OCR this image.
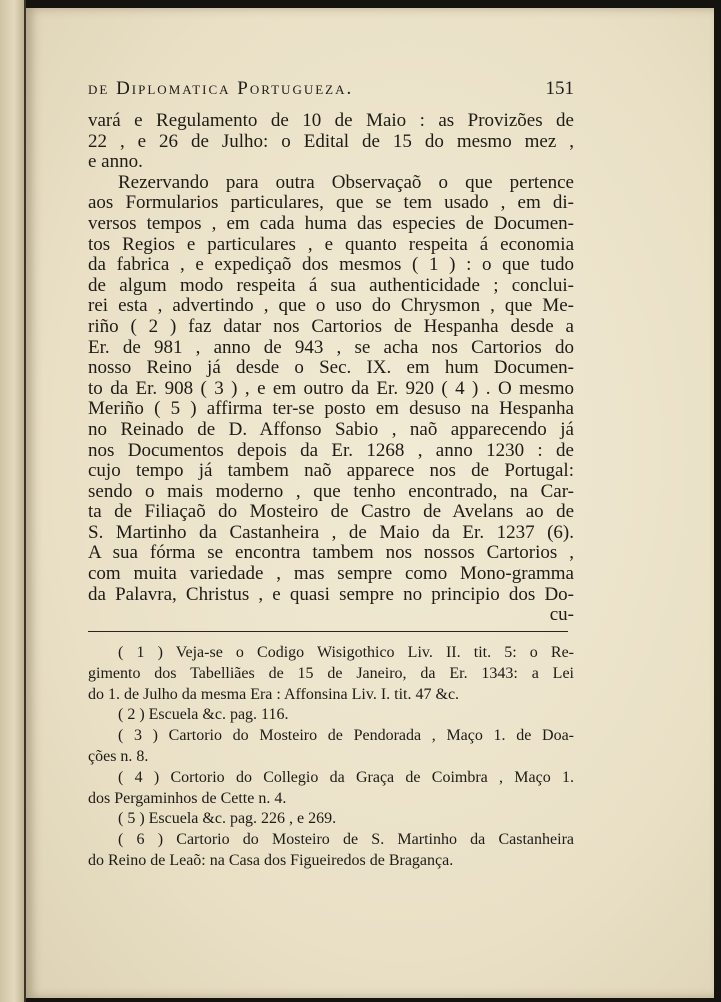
de Diplomatica Portugueza.	151
vará e Regulamento de 10 de Maio : as Provizões de
22 , e 26 de Julho: o Edital de 15 do mesmo mez ,
e anno.
Rezervando para outra Observaçaõ o que pertence
aos Formularios particulares, que se tem usado , em di-
versos tempos , em cada huma das especies de Documen-
tos Regios e particulares , e quanto respeita á economia
da fabrica , e expediçaõ dos mesmos ( 1 ) : o que tudo
de algum modo respeita á sua authenticidade ; conclui-
rei esta , advertindo , que o uso do Chrysmon , que Me-
riño ( 2 ) faz datar nos Cartorios de Hespanha desde a
Er. de 981 , anno de 943 , se acha nos Cartorios do
nosso Reino já desde o Sec. IX. em hum Documen-
to da Er. 908 ( 3 ) , e em outro da Er. 920 ( 4 ) . O mesmo
Meriño ( 5 ) affirma ter-se posto em desuso na Hespanha
no Reinado de D. Affonso Sabio , naõ apparecendo já
nos Documentos depois da Er. 1268 , anno 1230 : de
cujo tempo já tambem naõ apparece nos de Portugal:
sendo o mais moderno , que tenho encontrado, na Car-
ta de Filiaçaõ do Mosteiro de Castro de Avelans ao de
S. Martinho da Castanheira , de Maio da Er. 1237 (6).
A sua fórma se encontra tambem nos nossos Cartorios ,
com muita variedade , mas sempre como Mono-gramma
da Palavra, Christus , e quasi sempre no principio dos Do-
cu-
( 1 ) Veja-se o Codigo Wisigothico Liv. II. tit. 5: o Re-
gimento dos Tabelliães de 15 de Janeiro, da Er. 1343: a Lei
do 1. de Julho da mesma Era : Affonsina Liv. I. tit. 47 &c.
( 2 ) Escuela &c. pag. 116.
( 3 ) Cartorio do Mosteiro de Pendorada , Maço 1. de Doa-
ções n. 8.
( 4 ) Cortorio do Collegio da Graça de Coimbra , Maço 1.
dos Pergaminhos de Cette n. 4.
( 5 ) Escuela &c. pag. 226 , e 269.
( 6 ) Cartorio do Mosteiro de S. Martinho da Castanheira
do Reino de Leaõ: na Casa dos Figueiredos de Bragança.
